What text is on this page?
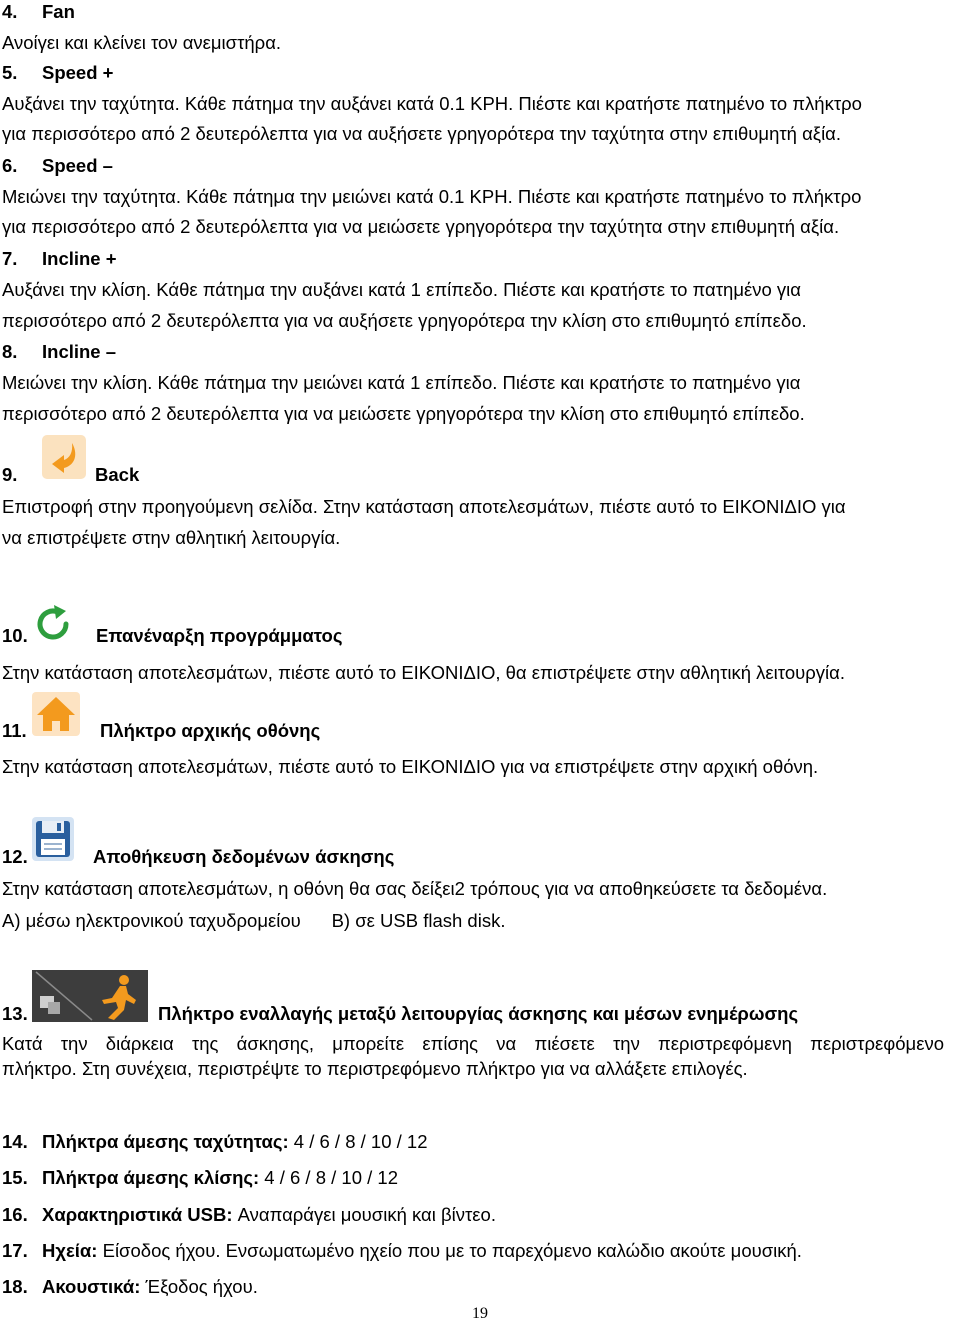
4. Fan
Ανοίγει και κλείνει τον ανεμιστήρα.
5. Speed +
Αυξάνει την ταχύτητα. Κάθε πάτημα την αυξάνει κατά 0.1 ΚΡΗ. Πιέστε και κρατήστε πατημένο το πλήκτρο
για περισσότερο από 2 δευτερόλεπτα για να αυξήσετε γρηγορότερα την ταχύτητα στην επιθυμητή αξία.
6. Speed –
Μειώνει την ταχύτητα. Κάθε πάτημα την μειώνει κατά 0.1 ΚΡΗ. Πιέστε και κρατήστε πατημένο το πλήκτρο
για περισσότερο από 2 δευτερόλεπτα για να μειώσετε γρηγορότερα την ταχύτητα στην επιθυμητή αξία.
7. Incline +
Αυξάνει την κλίση. Κάθε πάτημα την αυξάνει κατά 1 επίπεδο. Πιέστε και κρατήστε το πατημένο για
περισσότερο από 2 δευτερόλεπτα για να αυξήσετε γρηγορότερα την κλίση στο επιθυμητό επίπεδο.
8. Incline –
Μειώνει την κλίση. Κάθε πάτημα την μειώνει κατά 1 επίπεδο. Πιέστε και κρατήστε το πατημένο για
περισσότερο από 2 δευτερόλεπτα για να μειώσετε γρηγορότερα την κλίση στο επιθυμητό επίπεδο.
9.	Back
Επιστροφή στην προηγούμενη σελίδα. Στην κατάσταση αποτελεσμάτων, πιέστε αυτό το ΕΙΚΟΝΙΔΙΟ για
να επιστρέψετε στην αθλητική λειτουργία.
10.	Επανέναρξη προγράμματος
Στην κατάσταση αποτελεσμάτων, πιέστε αυτό το ΕΙΚΟΝΙΔΙΟ, θα επιστρέψετε στην αθλητική λειτουργία.
11.	Πλήκτρο αρχικής οθόνης
Στην κατάσταση αποτελεσμάτων, πιέστε αυτό το ΕΙΚΟΝΙΔΙΟ για να επιστρέψετε στην αρχική οθόνη.
12.	Αποθήκευση δεδομένων άσκησης
Στην κατάσταση αποτελεσμάτων, η οθόνη θα σας δείξει2 τρόπους για να αποθηκεύσετε τα δεδομένα.
Α) μέσω ηλεκτρονικού ταχυδρομείου      Β) σε USB flash disk.
13.	Πλήκτρο εναλλαγής μεταξύ λειτουργίας άσκησης και μέσων ενημέρωσης
Κατά την διάρκεια της άσκησης, μπορείτε επίσης να πιέσετε την περιστρεφόμενη περιστρεφόμενο
πλήκτρο. Στη συνέχεια, περιστρέψτε το περιστρεφόμενο πλήκτρο για να αλλάξετε επιλογές.
14. Πλήκτρα άμεσης ταχύτητας: 4 / 6 / 8 / 10 / 12
15. Πλήκτρα άμεσης κλίσης: 4 / 6 / 8 / 10 / 12
16. Χαρακτηριστικά USB: Αναπαράγει μουσική και βίντεο.
17. Ηχεία: Είσοδος ήχου. Ενσωματωμένο ηχείο που με το παρεχόμενο καλώδιο ακούτε μουσική.
18. Ακουστικά: Έξοδος ήχου.
19
